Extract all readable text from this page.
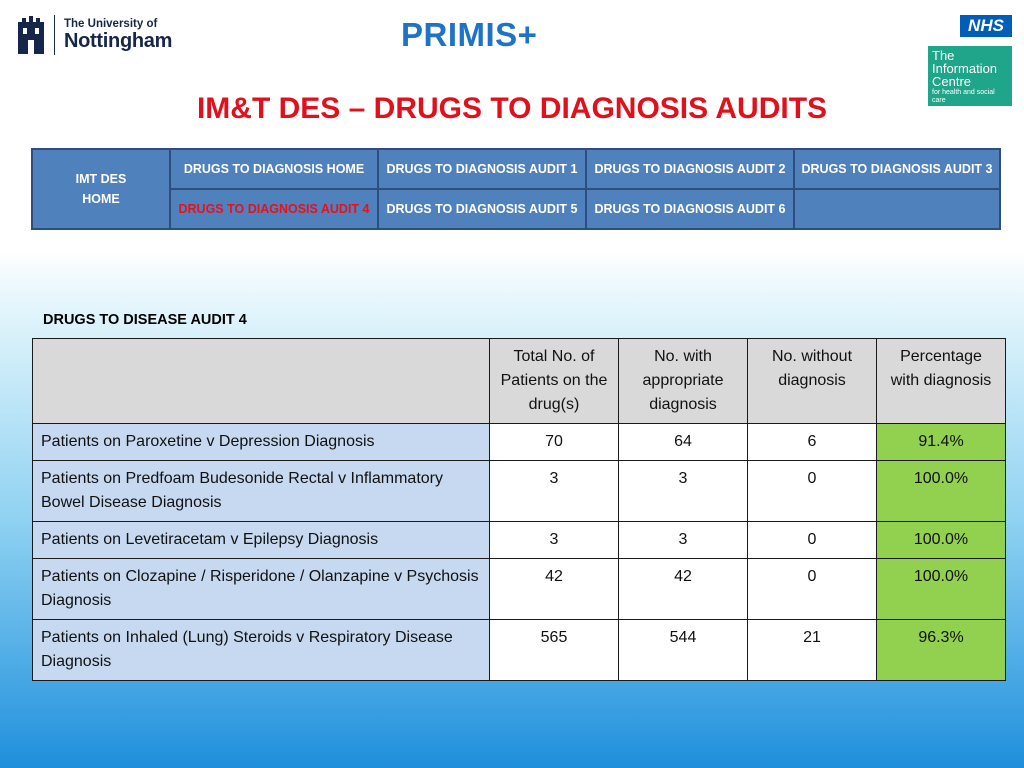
The University of
Nottingham	PRIMIS+	NHS
The
Information
Centre
for health and social care
IM&T DES – DRUGS TO DIAGNOSIS AUDITS
IMT DES HOME
DRUGS TO DIAGNOSIS HOME	DRUGS TO DIAGNOSIS AUDIT 1	DRUGS TO DIAGNOSIS AUDIT 2	DRUGS TO DIAGNOSIS AUDIT 3
DRUGS TO DIAGNOSIS AUDIT 4	DRUGS TO DIAGNOSIS AUDIT 5	DRUGS TO DIAGNOSIS AUDIT 6
DRUGS TO DISEASE AUDIT 4
	Total No. of Patients on the drug(s)	No. with appropriate diagnosis	No. without diagnosis	Percentage with diagnosis
Patients on Paroxetine v Depression Diagnosis	70	64	6	91.4%
Patients on Predfoam Budesonide Rectal v Inflammatory Bowel Disease Diagnosis	3	3	0	100.0%
Patients on Levetiracetam v Epilepsy Diagnosis	3	3	0	100.0%
Patients on Clozapine / Risperidone / Olanzapine v Psychosis Diagnosis	42	42	0	100.0%
Patients on Inhaled (Lung) Steroids v Respiratory Disease Diagnosis	565	544	21	96.3%
